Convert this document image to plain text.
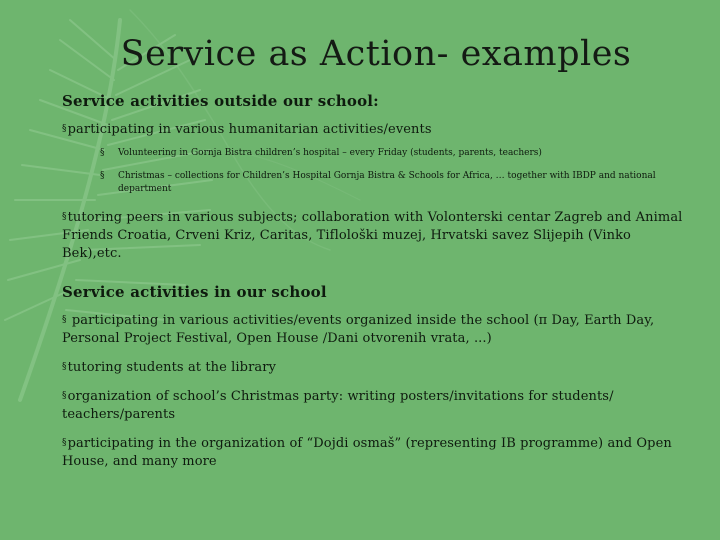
Service as Action- examples
Service activities outside our school:
§participating in various humanitarian activities/events
§ Volunteering in Gornja Bistra children’s hospital – every Friday (students, parents, teachers)
§ Christmas – collections for Children’s Hospital Gornja Bistra & Schools for Africa, … together with IBDP and national department
§tutoring peers in various subjects; collaboration with Volonterski centar Zagreb and Animal Friends Croatia, Crveni Kriz, Caritas, Tiflološki muzej, Hrvatski savez Slijepih (Vinko Bek),etc.
Service activities in our school
§ participating in various activities/events organized inside the school (π Day, Earth Day, Personal Project Festival, Open House /Dani otvorenih vrata, ...)
§tutoring students at the library
§organization of school’s Christmas party: writing posters/invitations for students/ teachers/parents
§participating in the organization of “Dojdi osmaš” (representing IB programme) and Open House, and many more
